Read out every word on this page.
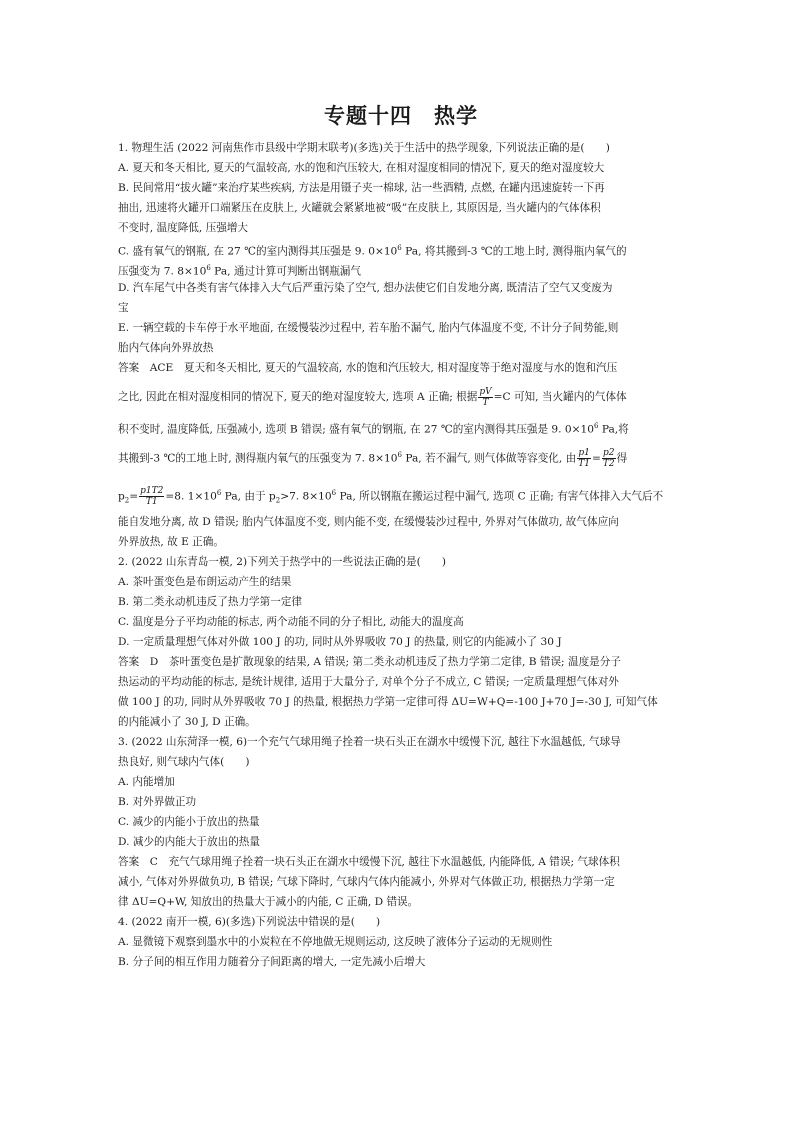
专题十四　热学
1. 物理生活 (2022 河南焦作市县级中学期末联考)(多选)关于生活中的热学现象, 下列说法正确的是(　　)
A. 夏天和冬天相比, 夏天的气温较高, 水的饱和汽压较大, 在相对湿度相同的情况下, 夏天的绝对湿度较大
B. 民间常用“拔火罐”来治疗某些疾病, 方法是用镊子夹一棉球, 沾一些酒精, 点燃, 在罐内迅速旋转一下再
抽出, 迅速将火罐开口端紧压在皮肤上, 火罐就会紧紧地被“吸”在皮肤上, 其原因是, 当火罐内的气体体积
不变时, 温度降低, 压强增大
C. 盛有氧气的钢瓶, 在 27 ℃的室内测得其压强是 9. $0\times 10^6$ Pa, 将其搬到-3 ℃的工地上时, 测得瓶内氧气的
压强变为 7. $8\times 10^6$ Pa, 通过计算可判断出钢瓶漏气
D. 汽车尾气中各类有害气体排入大气后严重污染了空气, 想办法使它们自发地分离, 既清洁了空气又变废为
宝
E. 一辆空载的卡车停于水平地面, 在缓慢装沙过程中, 若车胎不漏气, 胎内气体温度不变, 不计分子间势能,则
胎内气体向外界放热
答案　ACE　夏天和冬天相比, 夏天的气温较高, 水的饱和汽压较大, 相对湿度等于绝对湿度与水的饱和汽压
之比, 因此在相对湿度相同的情况下, 夏天的绝对湿度较大, 选项 A 正确; 根据 $\frac{pV}{T} =C$ 可知, 当火罐内的气体体
积不变时, 温度降低, 压强减小, 选项 B 错误; 盛有氧气的钢瓶, 在 27 ℃的室内测得其压强是 9. $0\times 10^6$ Pa,将
其搬到-3 ℃的工地上时, 测得瓶内氧气的压强变为 7. $8\times 10^6$ Pa, 若不漏气, 则气体做等容变化, 由 $\frac{p1}{T1} = \frac{p2}{T2}$ 得
$p_2= \frac{p1T2}{T1} =8$. $1\times 10^6$ Pa, 由于 $p_2>7$. $8\times 10^6$ Pa, 所以钢瓶在搬运过程中漏气, 选项 C 正确; 有害气体排入大气后不
能自发地分离, 故 D 错误; 胎内气体温度不变, 则内能不变, 在缓慢装沙过程中, 外界对气体做功, 故气体应向
外界放热, 故 E 正确。
2. (2022 山东青岛一模, 2)下列关于热学中的一些说法正确的是(　　)
A. 茶叶蛋变色是布朗运动产生的结果
B. 第二类永动机违反了热力学第一定律
C. 温度是分子平均动能的标志, 两个动能不同的分子相比, 动能大的温度高
D. 一定质量理想气体对外做 100 J 的功, 同时从外界吸收 70 J 的热量, 则它的内能减小了 30 J
答案　D　茶叶蛋变色是扩散现象的结果, A 错误; 第二类永动机违反了热力学第二定律, B 错误; 温度是分子
热运动的平均动能的标志, 是统计规律, 适用于大量分子, 对单个分子不成立, C 错误; 一定质量理想气体对外
做 100 J 的功, 同时从外界吸收 70 J 的热量, 根据热力学第一定律可得 ΔU=W+Q=-100 J+70 J=-30 J, 可知气体
的内能减小了 30 J, D 正确。
3. (2022 山东菏泽一模, 6)一个充气气球用绳子拴着一块石头正在湖水中缓慢下沉, 越往下水温越低, 气球导
热良好, 则气球内气体(　　)
A. 内能增加
B. 对外界做正功
C. 减少的内能小于放出的热量
D. 减少的内能大于放出的热量
答案　C　充气气球用绳子拴着一块石头正在湖水中缓慢下沉, 越往下水温越低, 内能降低, A 错误; 气球体积
减小, 气体对外界做负功, B 错误; 气球下降时, 气球内气体内能减小, 外界对气体做正功, 根据热力学第一定
律 ΔU=Q+W, 知放出的热量大于减小的内能, C 正确, D 错误。
4. (2022 南开一模, 6)(多选)下列说法中错误的是(　　)
A. 显微镜下观察到墨水中的小炭粒在不停地做无规则运动, 这反映了液体分子运动的无规则性
B. 分子间的相互作用力随着分子间距离的增大, 一定先减小后增大
